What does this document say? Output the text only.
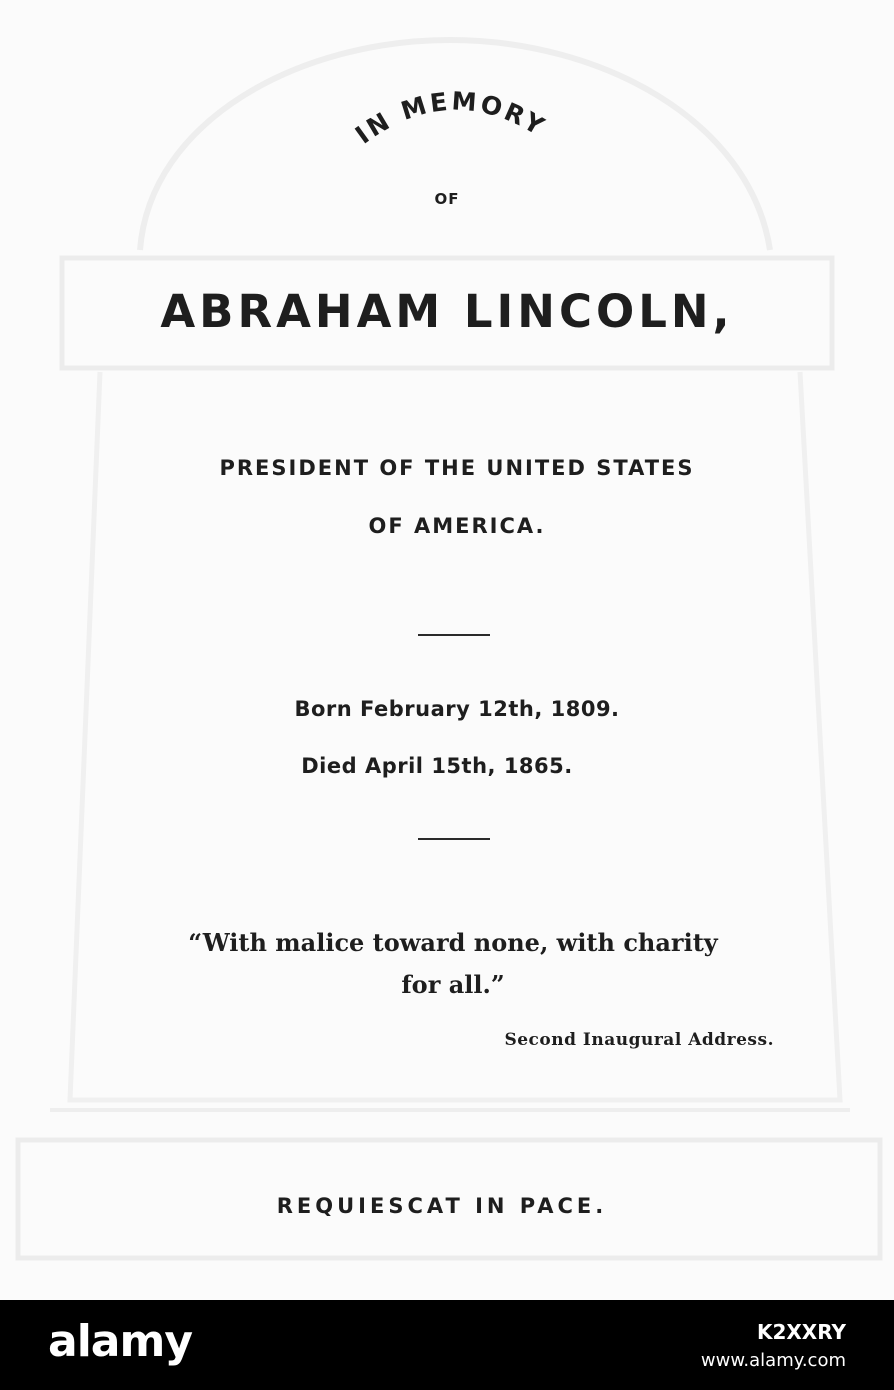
IN MEMORY

OF

ABRAHAM LINCOLN,

PRESIDENT OF THE UNITED STATES

OF AMERICA.

Born February 12th, 1809.

Died April 15th, 1865.

“With malice toward none, with charity

for all.”

Second Inaugural Address.

REQUIESCAT IN PACE.

alamy	K2XXRY
www.alamy.com
